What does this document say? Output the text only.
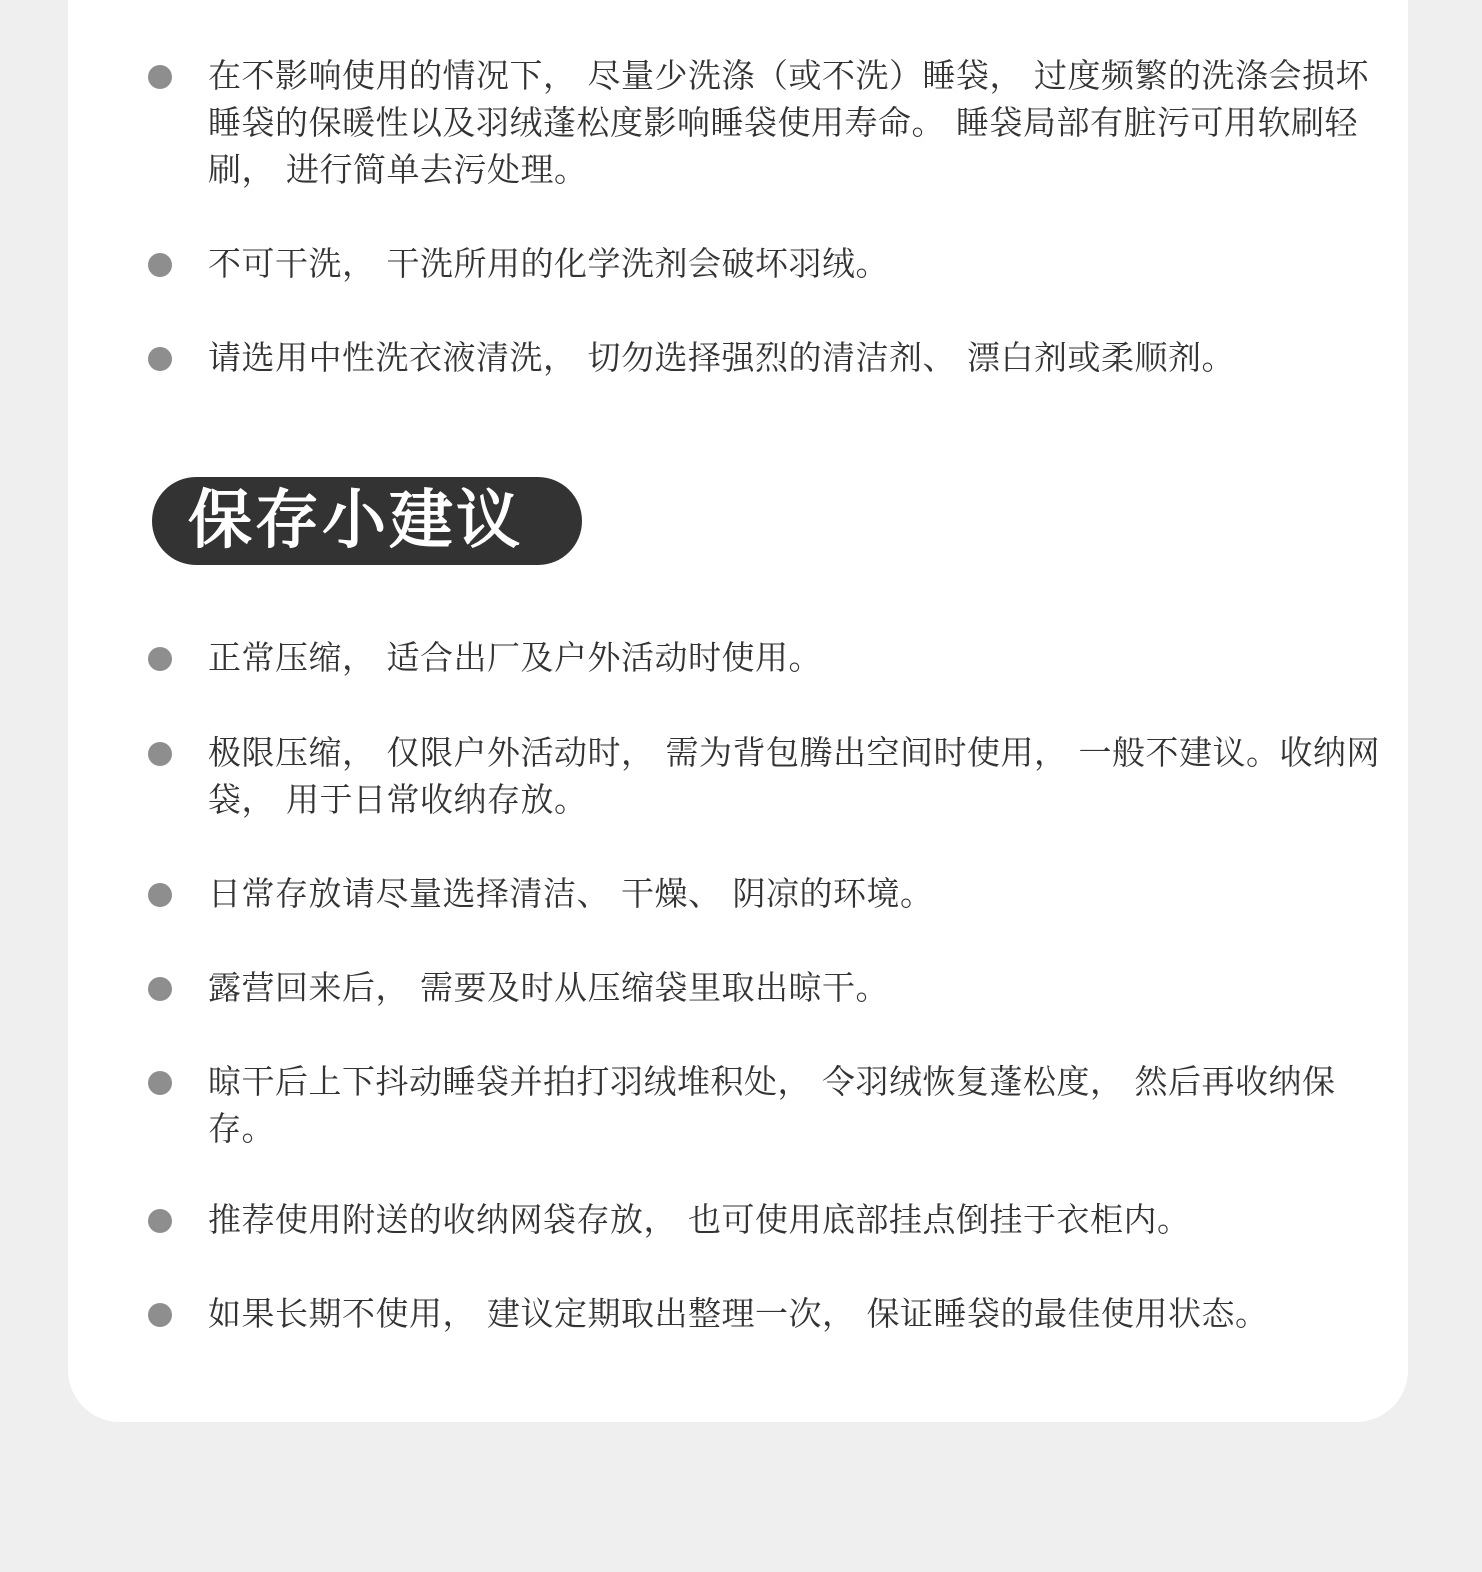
在不影响使用的情况下， 尽量少洗涤（或不洗）睡袋， 过度频繁的洗涤会损坏睡袋的保暖性以及羽绒蓬松度影响睡袋使用寿命。 睡袋局部有脏污可用软刷轻刷， 进行简单去污处理。
不可干洗， 干洗所用的化学洗剂会破坏羽绒。
请选用中性洗衣液清洗， 切勿选择强烈的清洁剂、 漂白剂或柔顺剂。
保存小建议
正常压缩， 适合出厂及户外活动时使用。
极限压缩， 仅限户外活动时， 需为背包腾出空间时使用， 一般不建议。收纳网袋， 用于日常收纳存放。
日常存放请尽量选择清洁、 干燥、 阴凉的环境。
露营回来后， 需要及时从压缩袋里取出晾干。
晾干后上下抖动睡袋并拍打羽绒堆积处， 令羽绒恢复蓬松度， 然后再收纳保存。
推荐使用附送的收纳网袋存放， 也可使用底部挂点倒挂于衣柜内。
如果长期不使用， 建议定期取出整理一次， 保证睡袋的最佳使用状态。
